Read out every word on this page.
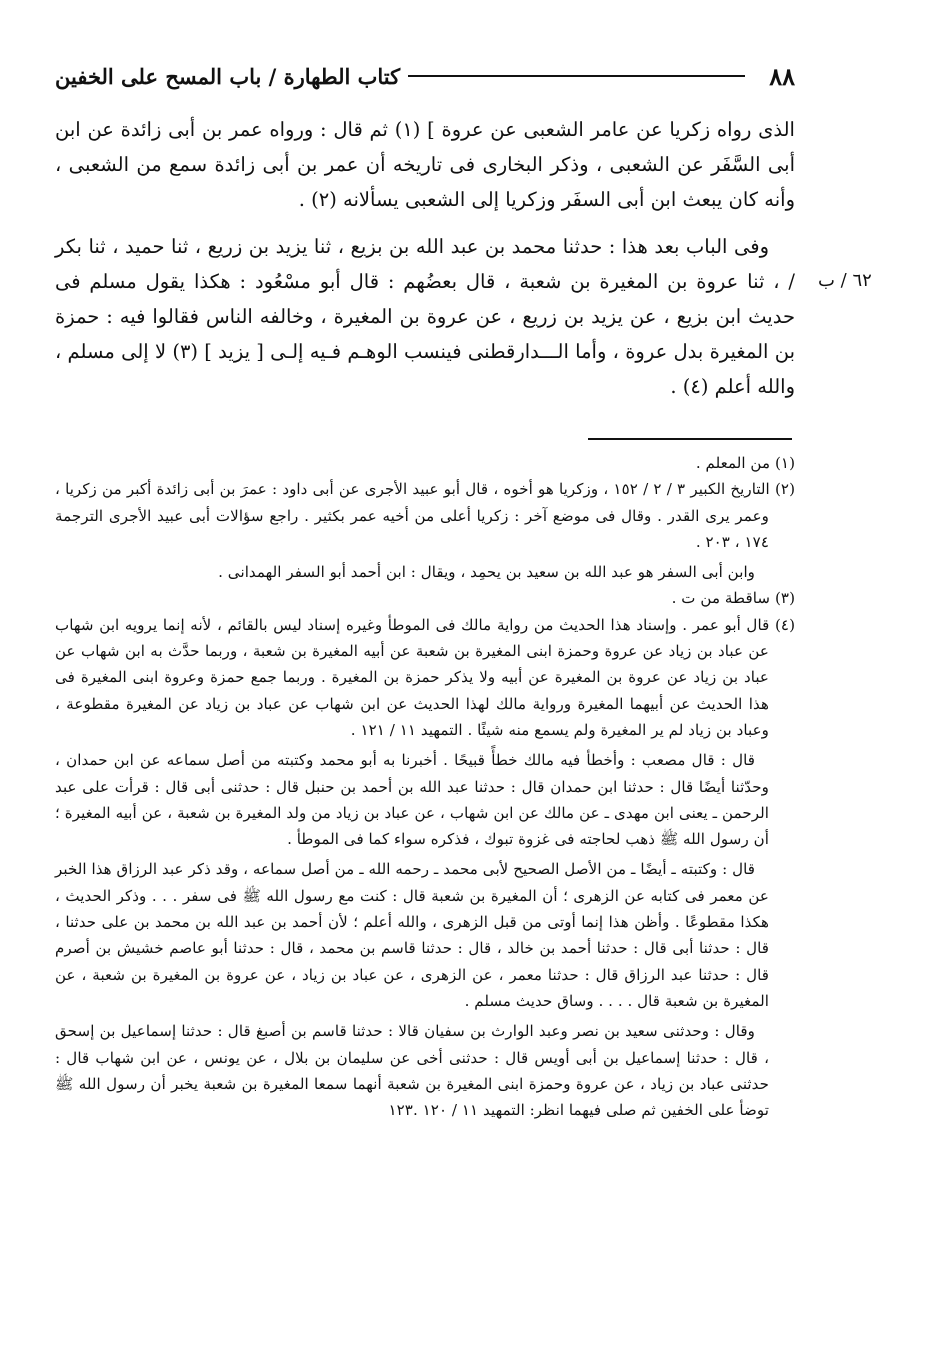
٨٨
كتاب الطهارة / باب المسح على الخفين

الذى رواه زكريا عن عامر الشعبى عن عروة ] (١) ثم قال : ورواه عمر بن أبى زائدة عن ابن أبى السَّفَر عن الشعبى ، وذكر البخارى فى تاريخه أن عمر بن أبى زائدة سمع من الشعبى ، وأنه كان يبعث ابن أبى السفَر وزكريا إلى الشعبى يسألانه (٢) .

وفى الباب بعد هذا : حدثنا محمد بن عبد الله بن بزيع ، ثنا يزيد بن زريع ، ثنا حميد ، ثنا بكر / ، ثنا عروة بن المغيرة بن شعبة ، قال بعضُهم : قال أبو مسْعُود : هكذا يقول مسلم فى حديث ابن بزيع ، عن يزيد بن زريع ، عن عروة بن المغيرة ، وخالفه الناس فقالوا فيه : حمزة بن المغيرة بدل عروة ، وأما الـــدارقطنى فينسب الوهـم فـيه إلـى [ يزيد ] (٣) لا إلى مسلم ، والله أعلم (٤) .

٦٢ / ب

(١) من المعلم .

(٢) التاريخ الكبير ٣ / ٢ / ١٥٢ ، وزكريا هو أخوه ، قال أبو عبيد الأجرى عن أبى داود : عمرَ بن أبى زائدة أكبر من زكريا ، وعمر يرى القدر . وقال فى موضع آخر : زكريا أعلى من أخيه عمر بكثير . راجع سؤالات أبى عبيد الأجرى الترجمة ١٧٤ ، ٢٠٣ .

وابن أبى السفر هو عبد الله بن سعيد بن يحمِد ، ويقال : ابن أحمد أبو السفر الهمدانى .

(٣) ساقطة من ت .

(٤) قال أبو عمر . وإسناد هذا الحديث من رواية مالك فى الموطأ وغيره إسناد ليس بالقائم ، لأنه إنما يرويه ابن شهاب عن عباد بن زياد عن عروة وحمزة ابنى المغيرة بن شعبة عن أبيه المغيرة بن شعبة ، وربما حدَّث به ابن شهاب عن عباد بن زياد عن عروة بن المغيرة عن أبيه ولا يذكر حمزة بن المغيرة . وربما جمع حمزة وعروة ابنى المغيرة فى هذا الحديث عن أبيهما المغيرة ورواية مالك لهذا الحديث عن ابن شهاب عن عباد بن زياد عن المغيرة مقطوعة ، وعباد بن زياد لم ير المغيرة ولم يسمع منه شيئًا . التمهيد ١١ / ١٢١ .

قال : قال مصعب : وأخطأ فيه مالك خطأً قبيحًا . أخبرنا به أبو محمد وكتبته من أصل سماعه عن ابن حمدان ، وحدّثنا أيضًا قال : حدثنا ابن حمدان قال : حدثنا عبد الله بن أحمد بن حنبل قال : حدثنى أبى قال : قرأت على عبد الرحمن ـ يعنى ابن مهدى ـ عن مالك عن ابن شهاب ، عن عباد بن زياد من ولد المغيرة بن شعبة ، عن أبيه المغيرة ؛ أن رسول الله ﷺ ذهب لحاجته فى غزوة تبوك ، فذكره سواء كما فى الموطأ .

قال : وكتبته ـ أيضًا ـ من الأصل الصحيح لأبى محمد ـ رحمه الله ـ من أصل سماعه ، وقد ذكر عبد الرزاق هذا الخبر عن معمر فى كتابه عن الزهرى ؛ أن المغيرة بن شعبة قال : كنت مع رسول الله ﷺ فى سفر . . . وذكر الحديث ، هكذا مقطوعًا . وأظن هذا إنما أوتى من قبل الزهرى ، والله أعلم ؛ لأن أحمد بن عبد الله بن محمد بن على حدثنا ، قال : حدثنا أبى قال : حدثنا أحمد بن خالد ، قال : حدثنا قاسم بن محمد ، قال : حدثنا أبو عاصم خشيش بن أصرم قال : حدثنا عبد الرزاق قال : حدثنا معمر ، عن الزهرى ، عن عباد بن زياد ، عن عروة بن المغيرة بن شعبة ، عن المغيرة بن شعبة قال . . . . وساق حديث مسلم .

وقال : وحدثنى سعيد بن نصر وعبد الوارث بن سفيان قالا : حدثنا قاسم بن أصبغ قال : حدثنا إسماعيل بن إسحق ، قال : حدثنا إسماعيل بن أبى أويس قال : حدثنى أخى عن سليمان بن بلال ، عن يونس ، عن ابن شهاب قال : حدثنى عباد بن زياد ، عن عروة وحمزة ابنى المغيرة بن شعبة أنهما سمعا المغيرة بن شعبة يخبر أن رسول الله ﷺ توضأ على الخفين ثم صلى فيهما انظر: التمهيد ١١ / ١٢٠ .١٢٣
